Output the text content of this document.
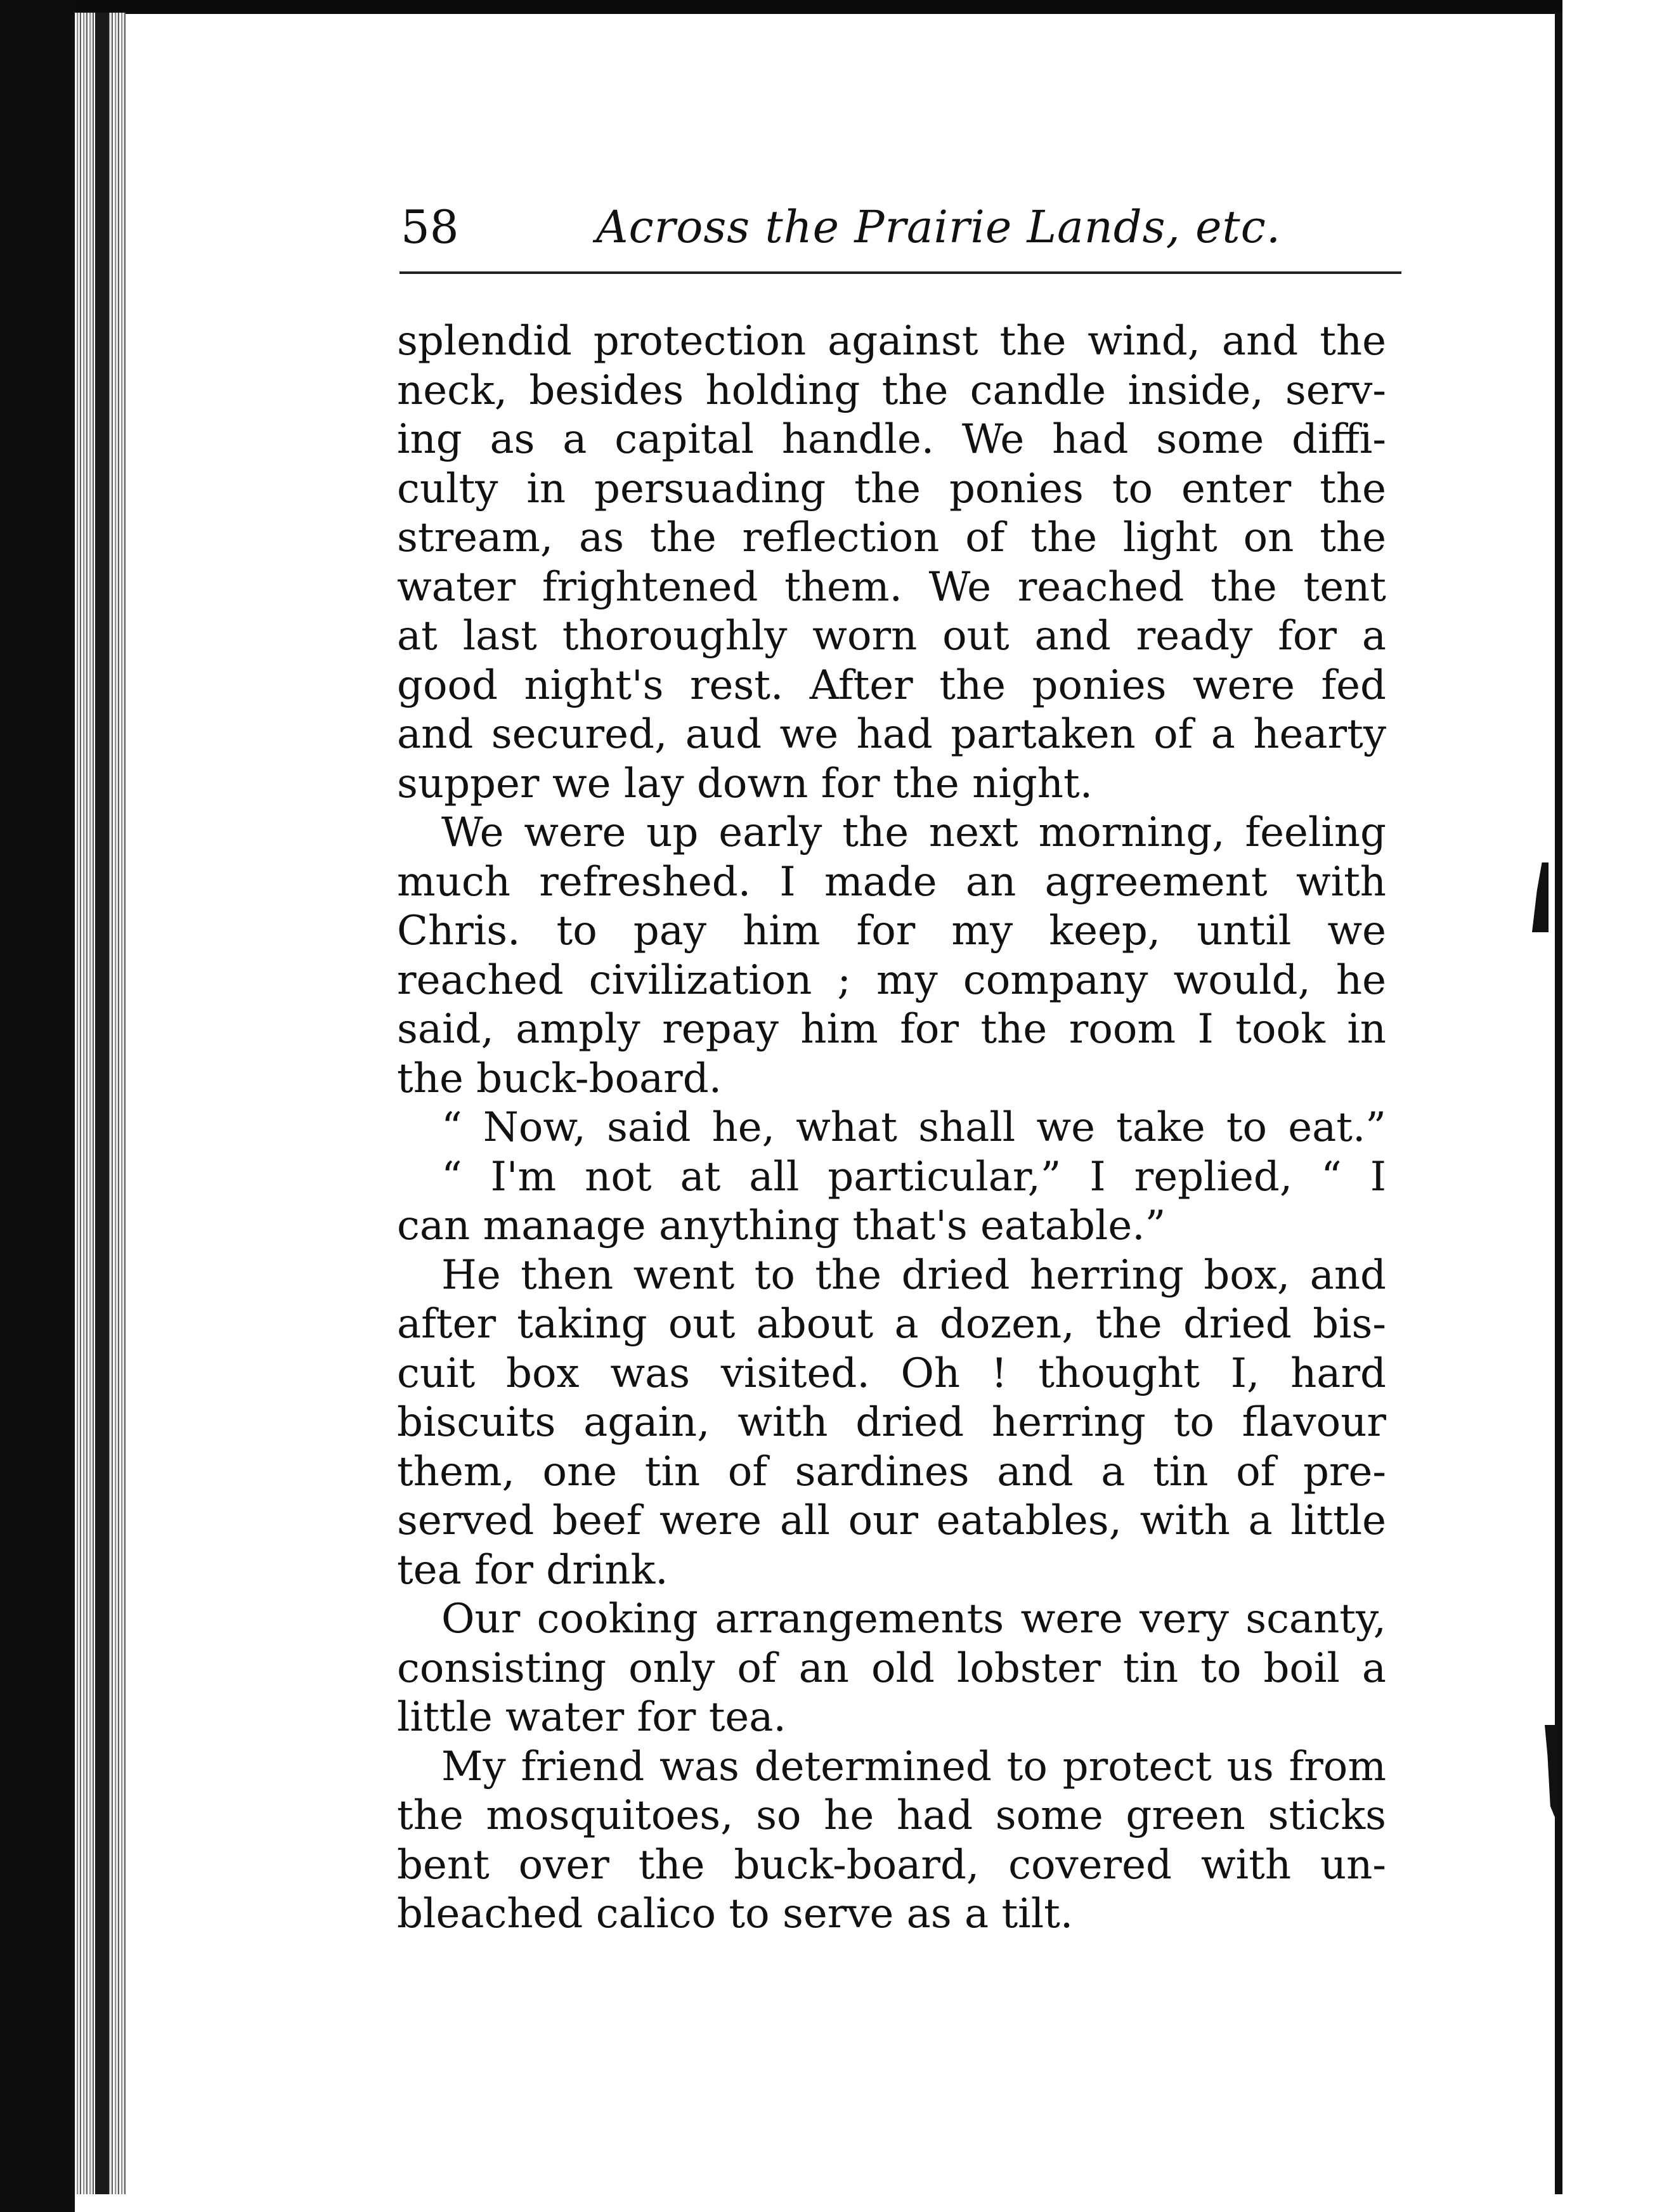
58	Across the Prairie Lands, etc.
splendid protection against the wind, and the
neck, besides holding the candle inside, serv-
ing as a capital handle. We had some diffi-
culty in persuading the ponies to enter the
stream, as the reflection of the light on the
water frightened them. We reached the tent
at last thoroughly worn out and ready for a
good night's rest. After the ponies were fed
and secured, aud we had partaken of a hearty
supper we lay down for the night.
We were up early the next morning, feeling
much refreshed. I made an agreement with
Chris. to pay him for my keep, until we
reached civilization ; my company would, he
said, amply repay him for the room I took in
the buck-board.
“ Now, said he, what shall we take to eat.”
“ I'm not at all particular,” I replied, “ I
can manage anything that's eatable.”
He then went to the dried herring box, and
after taking out about a dozen, the dried bis-
cuit box was visited. Oh ! thought I, hard
biscuits again, with dried herring to flavour
them, one tin of sardines and a tin of pre-
served beef were all our eatables, with a little
tea for drink.
Our cooking arrangements were very scanty,
consisting only of an old lobster tin to boil a
little water for tea.
My friend was determined to protect us from
the mosquitoes, so he had some green sticks
bent over the buck-board, covered with un-
bleached calico to serve as a tilt.
